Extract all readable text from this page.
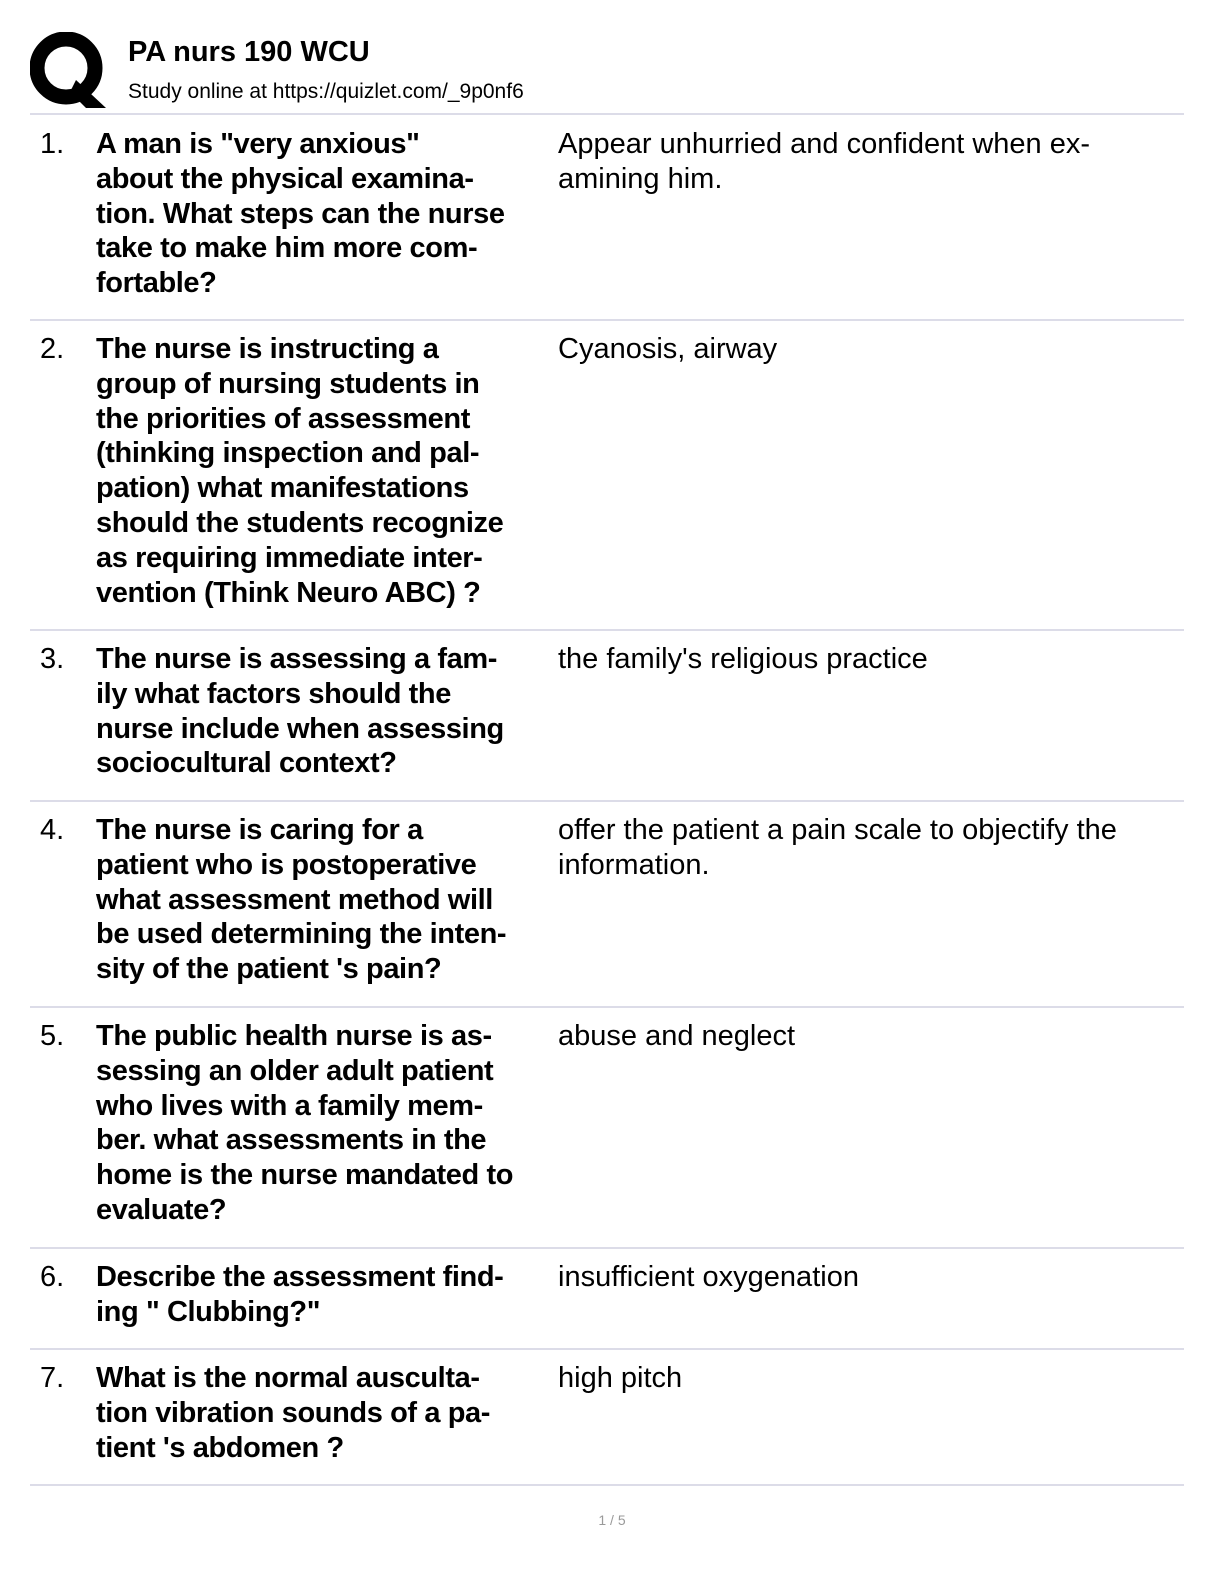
PA nurs 190 WCU
Study online at https://quizlet.com/_9p0nf6
1. A man is "very anxious"
about the physical examina-
tion. What steps can the nurse
take to make him more com-
fortable?
Appear unhurried and confident when ex-
amining him.
2. The nurse is instructing a
group of nursing students in
the priorities of assessment
(thinking inspection and pal-
pation) what manifestations
should the students recognize
as requiring immediate inter-
vention (Think Neuro ABC) ?
Cyanosis, airway
3. The nurse is assessing a fam-
ily what factors should the
nurse include when assessing
sociocultural context?
the family's religious practice
4. The nurse is caring for a
patient who is postoperative
what assessment method will
be used determining the inten-
sity of the patient 's pain?
offer the patient a pain scale to objectify the
information.
5. The public health nurse is as-
sessing an older adult patient
who lives with a family mem-
ber. what assessments in the
home is the nurse mandated to
evaluate?
abuse and neglect
6. Describe the assessment find-
ing " Clubbing?"
insufficient oxygenation
7. What is the normal ausculta-
tion vibration sounds of a pa-
tient 's abdomen ?
high pitch
1 / 5
